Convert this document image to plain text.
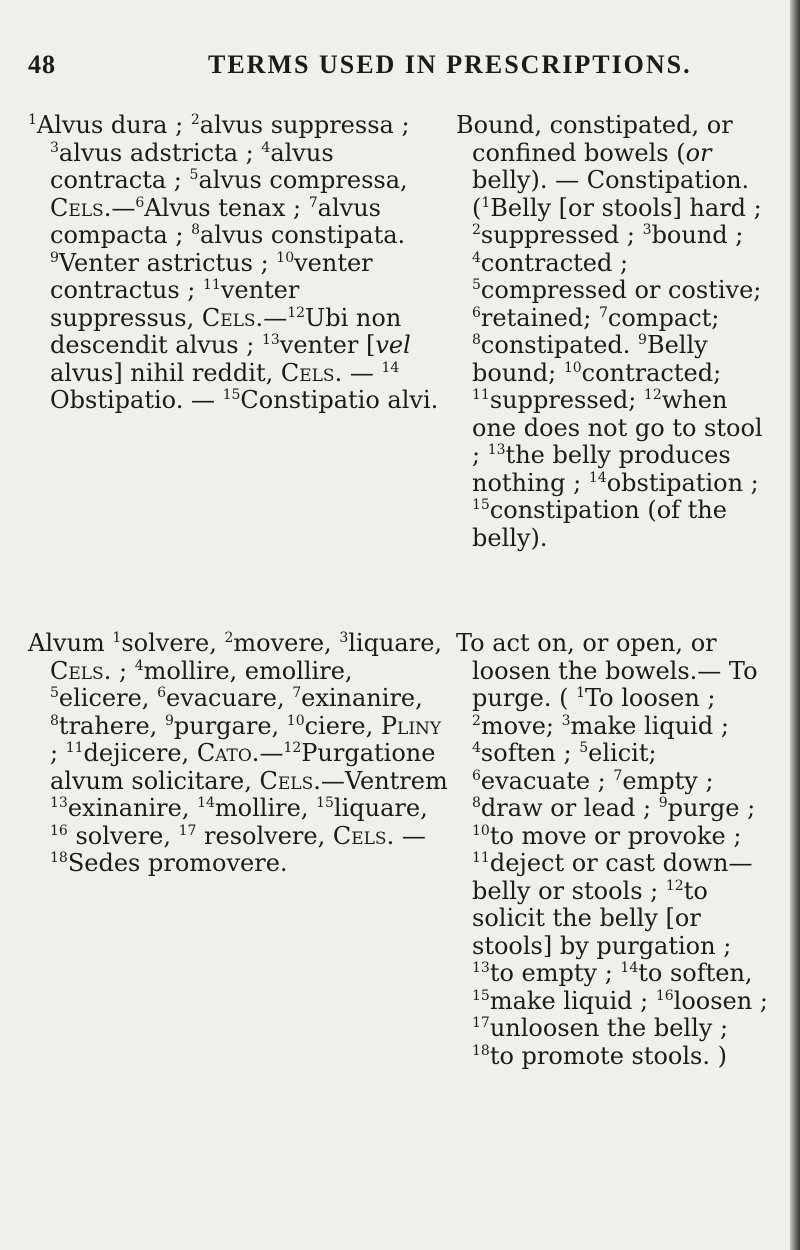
48	TERMS USED IN PRESCRIPTIONS.

$^1$Alvus dura ; $^2$alvus suppressa ; $^3$alvus adstricta ; $^4$alvus contracta ; $^5$alvus compressa, Cels.—$^6$Alvus tenax ; $^7$alvus compacta ; $^8$alvus constipata. $^9$Venter astrictus ; $^{10}$venter contractus ; $^{11}$venter suppressus, Cels.—$^{12}$Ubi non descendit alvus ; $^{13}$venter [vel alvus] nihil reddit, Cels. — $^{14}$ Obstipatio. — $^{15}$Constipatio alvi.

Bound, constipated, or confined bowels (or belly). — Constipation. ($^1$Belly [or stools] hard ; $^2$suppressed ; $^3$bound ; $^4$contracted ; $^5$compressed or costive; $^6$retained; $^7$compact; $^8$constipated. $^9$Belly bound; $^{10}$contracted; $^{11}$suppressed; $^{12}$when one does not go to stool ; $^{13}$the belly produces nothing ; $^{14}$obstipation ; $^{15}$constipation (of the belly).

Alvum $^1$solvere, $^2$movere, $^3$liquare, Cels. ; $^4$mollire, emollire, $^5$elicere, $^6$evacuare, $^7$exinanire, $^8$trahere, $^9$purgare, $^{10}$ciere, Pliny ; $^{11}$dejicere, Cato.—$^{12}$Purgatione alvum solicitare, Cels.—Ventrem $^{13}$exinanire, $^{14}$mollire, $^{15}$liquare, $^{16}$ solvere, $^{17}$ resolvere, Cels. — $^{18}$Sedes promovere.

To act on, or open, or loosen the bowels.— To purge. ( $^1$To loosen ; $^2$move; $^3$make liquid ; $^4$soften ; $^5$elicit; $^6$evacuate ; $^7$empty ; $^8$draw or lead ; $^9$purge ; $^{10}$to move or provoke ; $^{11}$deject or cast down—belly or stools ; $^{12}$to solicit the belly [or stools] by purgation ; $^{13}$to empty ; $^{14}$to soften, $^{15}$make liquid ; $^{16}$loosen ; $^{17}$unloosen the belly ; $^{18}$to promote stools. )
